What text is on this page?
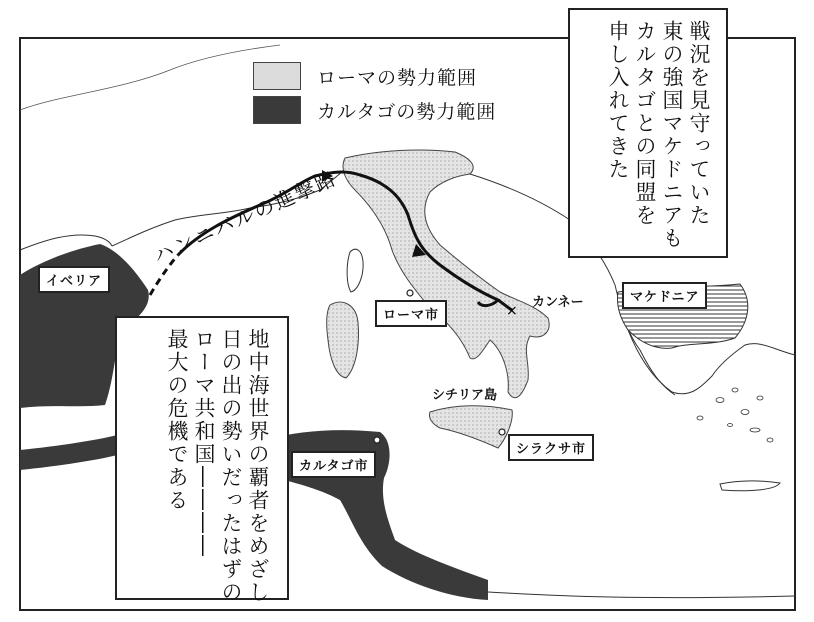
×
ローマの勢力範囲
カルタゴの勢力範囲
ハンニバルの進撃路
イベリア
ローマ市
カンネー	マケドニア
シチリア島
シラクサ市
カルタゴ市
戦況を見守っていた
東の強国マケドニアも
カルタゴとの同盟を
申し入れてきた
地中海世界の覇者をめざし
日の出の勢いだったはずの
ローマ共和国――――
最大の危機である
